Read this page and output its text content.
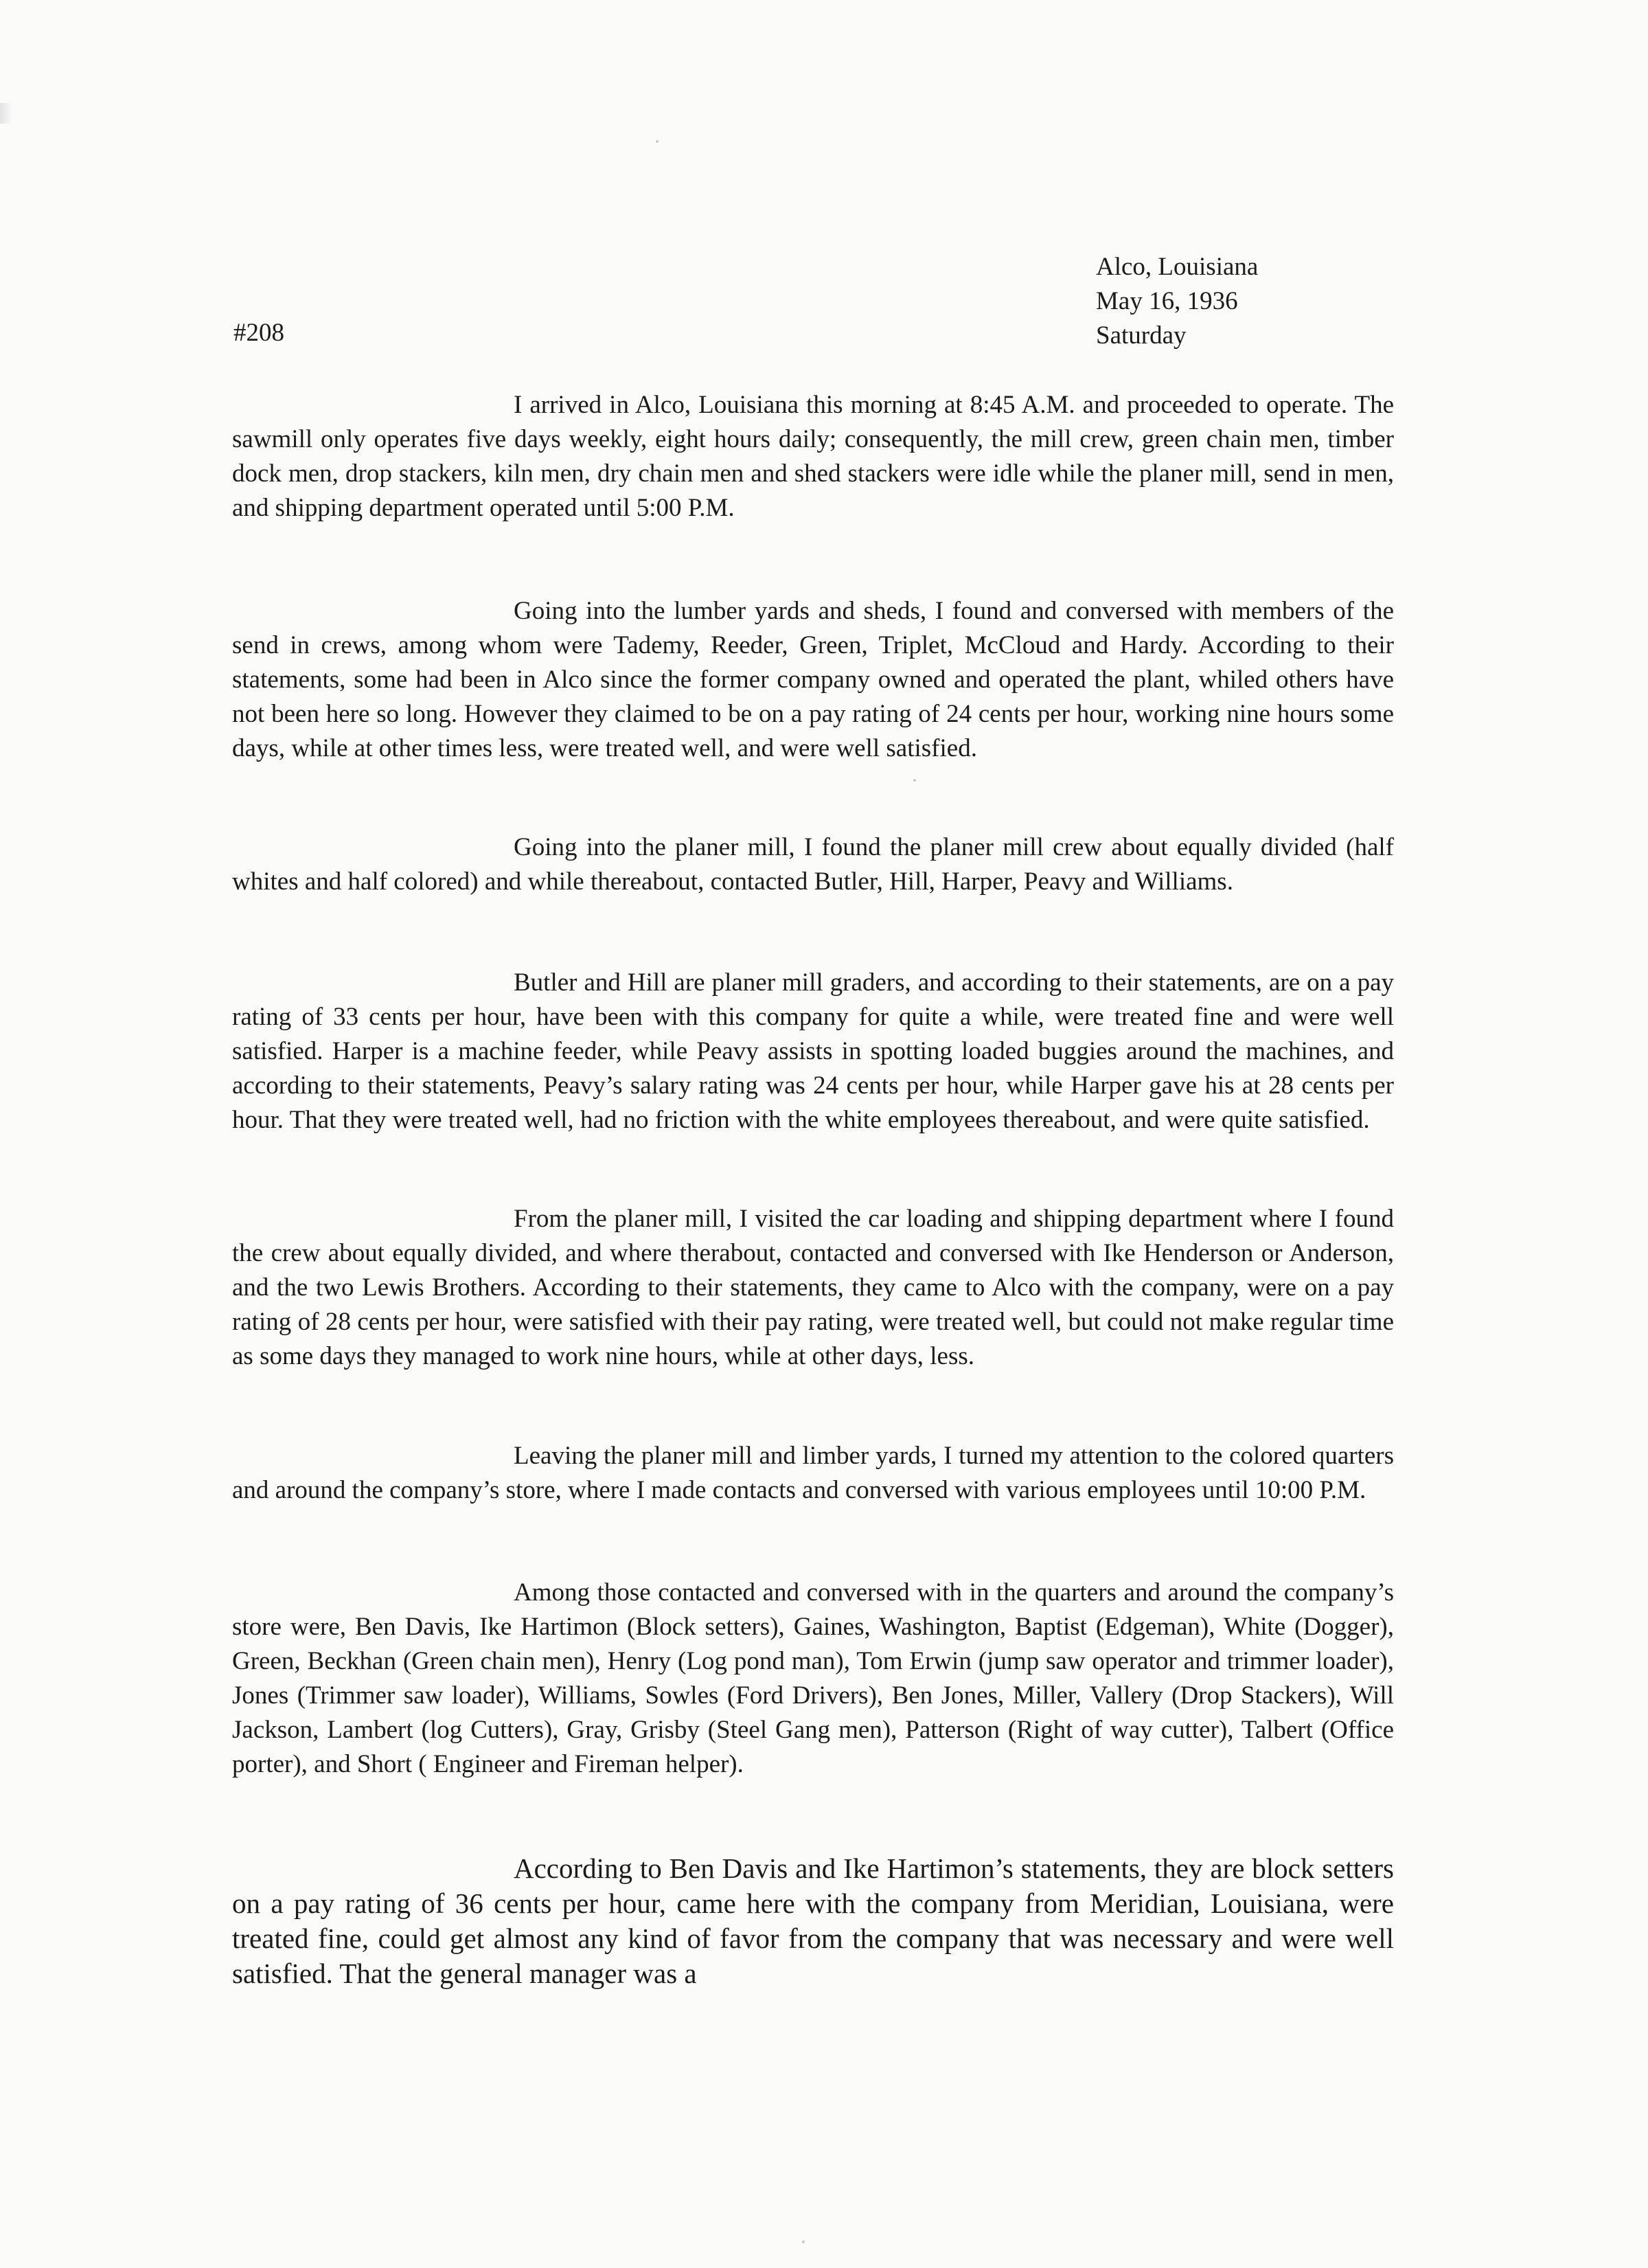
Alco, Louisiana
May 16, 1936
Saturday
#208

I arrived in Alco, Louisiana this morning at 8:45 A.M. and proceeded to operate. The sawmill only operates five days weekly, eight hours daily; consequently, the mill crew, green chain men, timber dock men, drop stackers, kiln men, dry chain men and shed stackers were idle while the planer mill, send in men, and shipping department operated until 5:00 P.M.

Going into the lumber yards and sheds, I found and conversed with members of the send in crews, among whom were Tademy, Reeder, Green, Triplet, McCloud and Hardy. According to their statements, some had been in Alco since the former company owned and operated the plant, whiled others have not been here so long. However they claimed to be on a pay rating of 24 cents per hour, working nine hours some days, while at other times less, were treated well, and were well satisfied.

Going into the planer mill, I found the planer mill crew about equally divided (half whites and half colored) and while thereabout, contacted Butler, Hill, Harper, Peavy and Williams.

Butler and Hill are planer mill graders, and according to their statements, are on a pay rating of 33 cents per hour, have been with this company for quite a while, were treated fine and were well satisfied. Harper is a machine feeder, while Peavy assists in spotting loaded buggies around the machines, and according to their statements, Peavy’s salary rating was 24 cents per hour, while Harper gave his at 28 cents per hour. That they were treated well, had no friction with the white employees thereabout, and were quite satisfied.

From the planer mill, I visited the car loading and shipping department where I found the crew about equally divided, and where therabout, contacted and conversed with Ike Henderson or Anderson, and the two Lewis Brothers. According to their statements, they came to Alco with the company, were on a pay rating of 28 cents per hour, were satisfied with their pay rating, were treated well, but could not make regular time as some days they managed to work nine hours, while at other days, less.

Leaving the planer mill and limber yards, I turned my attention to the colored quarters and around the company’s store, where I made contacts and conversed with various employees until 10:00 P.M.

Among those contacted and conversed with in the quarters and around the company’s store were, Ben Davis, Ike Hartimon (Block setters), Gaines, Washington, Baptist (Edgeman), White (Dogger), Green, Beckhan (Green chain men), Henry (Log pond man), Tom Erwin (jump saw operator and trimmer loader), Jones (Trimmer saw loader), Williams, Sowles (Ford Drivers), Ben Jones, Miller, Vallery (Drop Stackers), Will Jackson, Lambert (log Cutters), Gray, Grisby (Steel Gang men), Patterson (Right of way cutter), Talbert (Office porter), and Short ( Engineer and Fireman helper).

According to Ben Davis and Ike Hartimon’s statements, they are block setters on a pay rating of 36 cents per hour, came here with the company from Meridian, Louisiana, were treated fine, could get almost any kind of favor from the company that was necessary and were well satisfied. That the general manager was a
